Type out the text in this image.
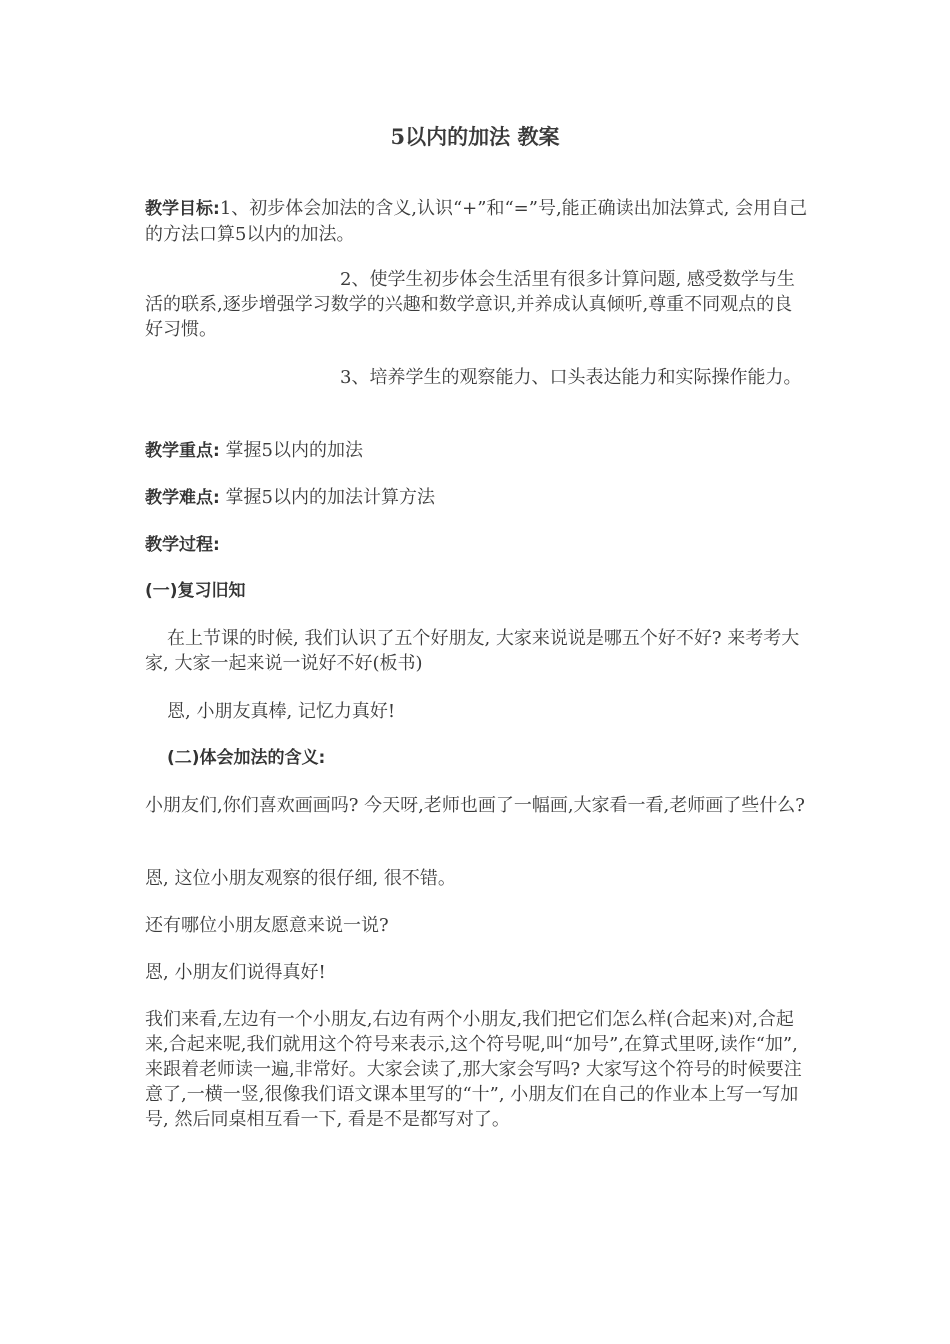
5以内的加法 教案

教学目标:1、初步体会加法的含义,认识“+”和“=”号,能正确读出加法算式, 会用自己的方法口算5以内的加法。

2、使学生初步体会生活里有很多计算问题, 感受数学与生活的联系,逐步增强学习数学的兴趣和数学意识,并养成认真倾听,尊重不同观点的良好习惯。

3、培养学生的观察能力、口头表达能力和实际操作能力。

教学重点: 掌握5以内的加法

教学难点: 掌握5以内的加法计算方法

教学过程:

(一)复习旧知

在上节课的时候, 我们认识了五个好朋友, 大家来说说是哪五个好不好? 来考考大家, 大家一起来说一说好不好(板书)

恩, 小朋友真棒, 记忆力真好!

(二)体会加法的含义:

小朋友们,你们喜欢画画吗? 今天呀,老师也画了一幅画,大家看一看,老师画了些什么?

恩, 这位小朋友观察的很仔细, 很不错。

还有哪位小朋友愿意来说一说?

恩, 小朋友们说得真好!

我们来看,左边有一个小朋友,右边有两个小朋友,我们把它们怎么样(合起来)对,合起来,合起来呢,我们就用这个符号来表示,这个符号呢,叫“加号”,在算式里呀,读作“加”,来跟着老师读一遍,非常好。大家会读了,那大家会写吗? 大家写这个符号的时候要注意了,一横一竖,很像我们语文课本里写的“十”, 小朋友们在自己的作业本上写一写加号, 然后同桌相互看一下, 看是不是都写对了。
